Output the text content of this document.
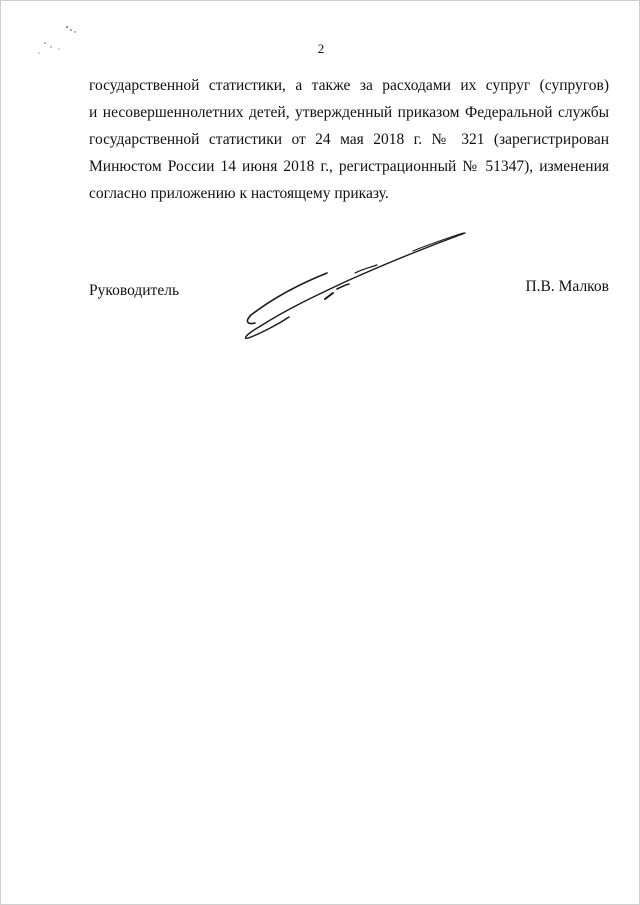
2
государственной статистики, а также за расходами их супруг (супругов)
и несовершеннолетних детей, утвержденный приказом Федеральной службы
государственной статистики от 24 мая 2018 г. № 321 (зарегистрирован
Минюстом России 14 июня 2018 г., регистрационный № 51347), изменения
согласно приложению к настоящему приказу.
Руководитель	П.В. Малков
